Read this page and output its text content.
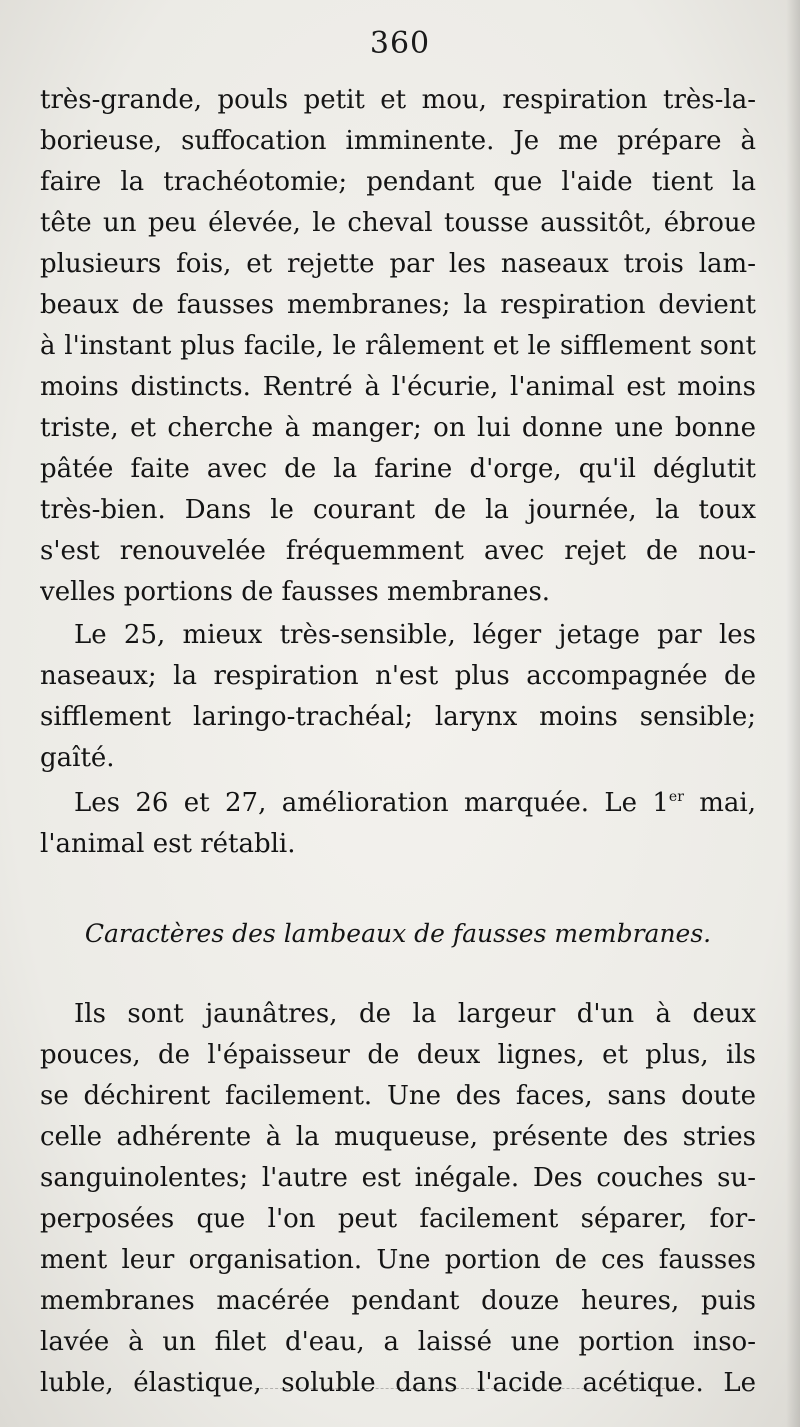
360
très-grande, pouls petit et mou, respiration très-la-
borieuse, suffocation imminente. Je me prépare à
faire la trachéotomie; pendant que l'aide tient la
tête un peu élevée, le cheval tousse aussitôt, ébroue
plusieurs fois, et rejette par les naseaux trois lam-
beaux de fausses membranes; la respiration devient
à l'instant plus facile, le râlement et le sifflement sont
moins distincts. Rentré à l'écurie, l'animal est moins
triste, et cherche à manger; on lui donne une bonne
pâtée faite avec de la farine d'orge, qu'il déglutit
très-bien. Dans le courant de la journée, la toux
s'est renouvelée fréquemment avec rejet de nou-
velles portions de fausses membranes.
Le 25, mieux très-sensible, léger jetage par les
naseaux; la respiration n'est plus accompagnée de
sifflement laringo-trachéal; larynx moins sensible;
gaîté.
Les 26 et 27, amélioration marquée. Le 1er mai,
l'animal est rétabli.
Caractères des lambeaux de fausses membranes.
Ils sont jaunâtres, de la largeur d'un à deux
pouces, de l'épaisseur de deux lignes, et plus, ils
se déchirent facilement. Une des faces, sans doute
celle adhérente à la muqueuse, présente des stries
sanguinolentes; l'autre est inégale. Des couches su-
perposées que l'on peut facilement séparer, for-
ment leur organisation. Une portion de ces fausses
membranes macérée pendant douze heures, puis
lavée à un filet d'eau, a laissé une portion inso-
luble, élastique, soluble dans l'acide acétique. Le
